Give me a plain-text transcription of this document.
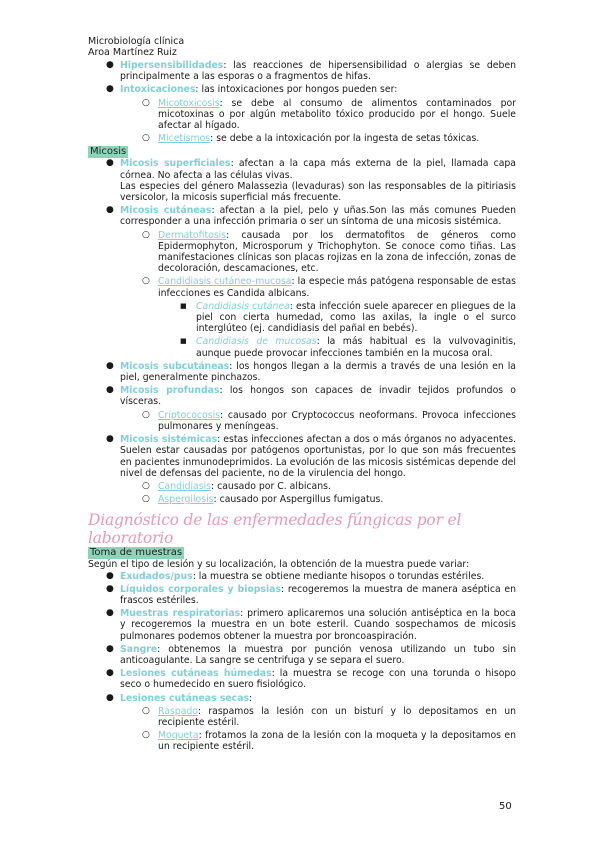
Microbiología clínica
Aroa Martínez Ruiz
● Hipersensibilidades: las reacciones de hipersensibilidad o alergias se deben principalmente a las esporas o a fragmentos de hifas.
● Intoxicaciones: las intoxicaciones por hongos pueden ser:
○ Micotoxicosis: se debe al consumo de alimentos contaminados por micotoxinas o por algún metabolito tóxico producido por el hongo. Suele afectar al hígado.
○ Micetismos: se debe a la intoxicación por la ingesta de setas tóxicas.
Micosis
● Micosis superficiales: afectan a la capa más externa de la piel, llamada capa córnea. No afecta a las células vivas.
Las especies del género Malassezia (levaduras) son las responsables de la pitiriasis versicolor, la micosis superficial más frecuente.
● Micosis cutáneas: afectan a la piel, pelo y uñas.Son las más comunes Pueden corresponder a una infección primaria o ser un síntoma de una micosis sistémica.
○ Dermatofitosis: causada por los dermatofitos de géneros como Epidermophyton, Microsporum y Trichophyton. Se conoce como tiñas. Las manifestaciones clínicas son placas rojizas en la zona de infección, zonas de decoloración, descamaciones, etc.
○ Candidiasis cutáneo-mucosa: la especie más patógena responsable de estas infecciones es Candida albicans.
■ Candidiasis cutánea: esta infección suele aparecer en pliegues de la piel con cierta humedad, como las axilas, la ingle o el surco interglúteo (ej. candidiasis del pañal en bebés).
■ Candidiasis de mucosas: la más habitual es la vulvovaginitis, aunque puede provocar infecciones también en la mucosa oral.
● Micosis subcutáneas: los hongos llegan a la dermis a través de una lesión en la piel, generalmente pinchazos.
● Micosis profundas: los hongos son capaces de invadir tejidos profundos o vísceras.
○ Criptococosis: causado por Cryptococcus neoformans. Provoca infecciones pulmonares y meníngeas.
● Micosis sistémicas: estas infecciones afectan a dos o más órganos no adyacentes. Suelen estar causadas por patógenos oportunistas, por lo que son más frecuentes en pacientes inmunodeprimidos. La evolución de las micosis sistémicas depende del nivel de defensas del paciente, no de la virulencia del hongo.
○ Candidiasis: causado por C. albicans.
○ Aspergilosis: causado por Aspergillus fumigatus.
Diagnóstico de las enfermedades fúngicas por el laboratorio
Toma de muestras
Según el tipo de lesión y su localización, la obtención de la muestra puede variar:
● Exudados/pus: la muestra se obtiene mediante hisopos o torundas estériles.
● Líquidos corporales y biopsias: recogeremos la muestra de manera aséptica en frascos estériles.
● Muestras respiratorias: primero aplicaremos una solución antiséptica en la boca y recogeremos la muestra en un bote esteril. Cuando sospechamos de micosis pulmonares podemos obtener la muestra por broncoaspiración.
● Sangre: obtenemos la muestra por punción venosa utilizando un tubo sin anticoagulante. La sangre se centrifuga y se separa el suero.
● Lesiones cutáneas húmedas: la muestra se recoge con una torunda o hisopo seco o humedecido en suero fisiológico.
● Lesiones cutáneas secas:
○ Raspado: raspamos la lesión con un bisturí y lo depositamos en un recipiente estéril.
○ Moqueta: frotamos la zona de la lesión con la moqueta y la depositamos en un recipiente estéril.
50
